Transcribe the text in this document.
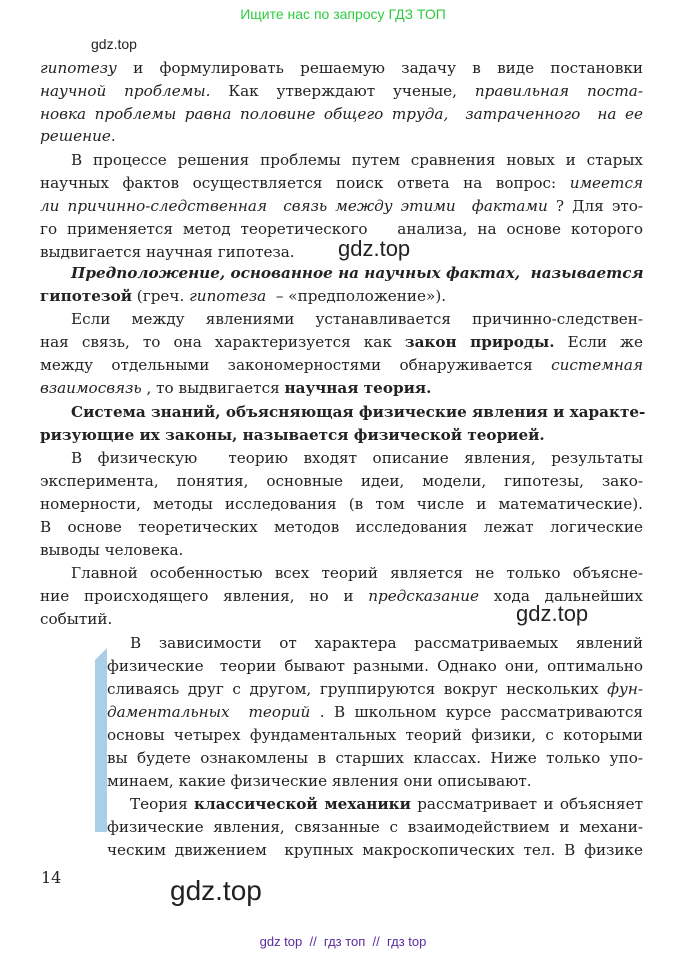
Ищите нас по запросу ГДЗ ТОП
gdz.top
gdz.top
gdz.top
гипотезу и формулировать решаемую задачу в виде постановки
научной проблемы. Как утверждают ученые, правильная поста-
новка проблемы равна половине общего труда,  затраченного  на ее
решение.
В процессе решения проблемы путем сравнения новых и старых
научных фактов осуществляется поиск ответа на вопрос: имеется
ли причинно-следственная  связь между этими  фактами ? Для это-
го применяется метод теоретического   анализа, на основе которого
выдвигается научная гипотеза.
Предположение, основанное на научных фактах,  называется
гипотезой (греч. гипотеза  – «предположение»).
Если между явлениями устанавливается причинно-следствен-
ная связь, то она характеризуется как закон природы. Если же
между отдельными закономерностями обнаруживается системная
взаимосвязь , то выдвигается научная теория.
Система знаний, объясняющая физические явления и характе-
ризующие их законы, называется физической теорией.
В физическую  теорию входят описание явления, результаты
эксперимента, понятия, основные идеи, модели, гипотезы, зако-
номерности, методы исследования (в том числе и математические).
В основе теоретических методов исследования лежат логические
выводы человека.
Главной особенностью всех теорий является не только объясне-
ние происходящего явления, но и предсказание хода дальнейших
событий.
В зависимости от характера рассматриваемых явлений
физические  теории бывают разными. Однако они, оптимально
сливаясь друг с другом, группируются вокруг нескольких фун-
даментальных  теорий . В школьном курсе рассматриваются
основы четырех фундаментальных теорий физики, с которыми
вы будете ознакомлены в старших классах. Ниже только упо-
минаем, какие физические явления они описывают.
Теория классической механики рассматривает и объясняет
физические явления, связанные с взаимодействием и механи-
ческим движением  крупных макроскопических тел. В физике
14	gdz.top
gdz top  //  гдз топ  //  гдз top
